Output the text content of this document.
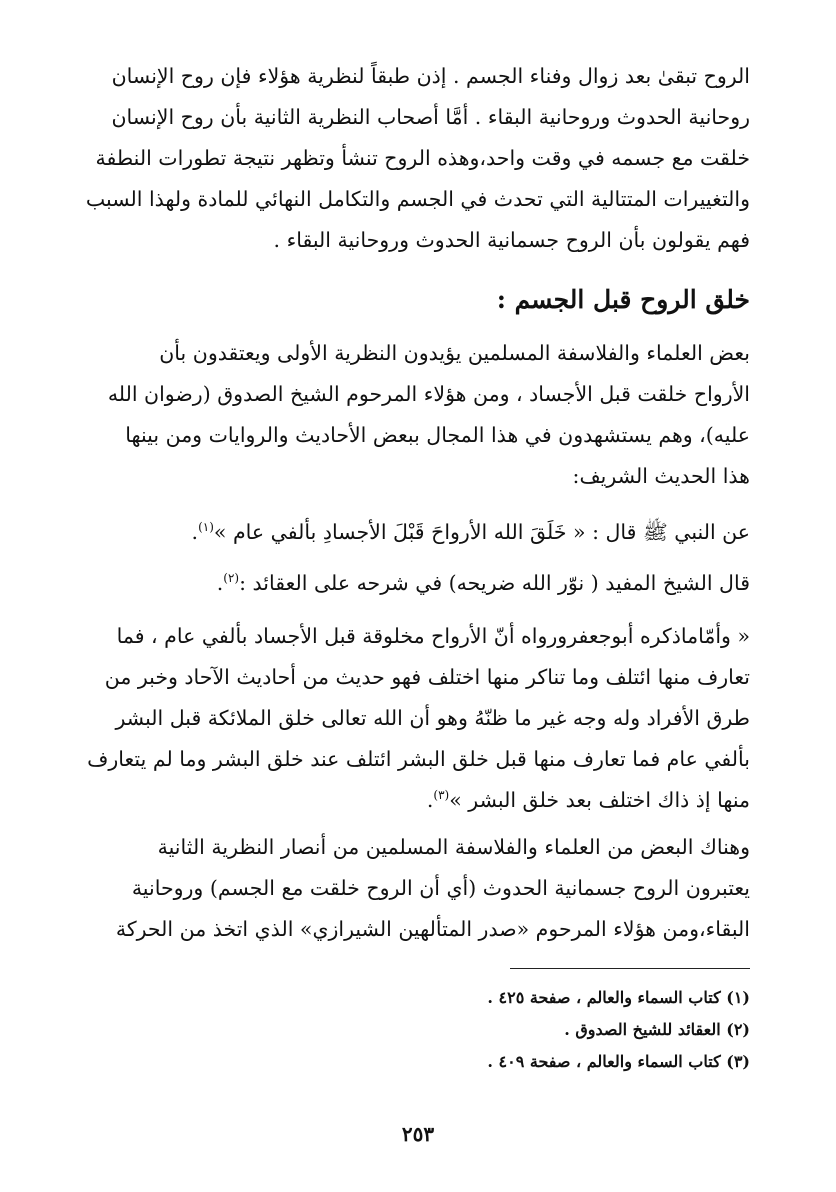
الروح تبقىٰ بعد زوال وفناء الجسم . إذن طبقاً لنظرية هؤلاء فإن روح الإنسان
روحانية الحدوث وروحانية البقاء . أمَّا أصحاب النظرية الثانية بأن روح الإنسان
خلقت مع جسمه في وقت واحد،وهذه الروح تنشأ وتظهر نتيجة تطورات النطفة
والتغييرات المتتالية التي تحدث في الجسم والتكامل النهائي للمادة ولهذا السبب
فهم يقولون بأن الروح جسمانية الحدوث وروحانية البقاء .
خلق الروح قبل الجسم :
بعض العلماء والفلاسفة المسلمين يؤيدون النظرية الأولى ويعتقدون بأن
الأرواح خلقت قبل الأجساد ، ومن هؤلاء المرحوم الشيخ الصدوق (رضوان الله
عليه)، وهم يستشهدون في هذا المجال ببعض الأحاديث والروايات ومن بينها
هذا الحديث الشريف:
عن النبي ﷺ قال : « خَلَقَ الله الأرواحَ قَبْلَ الأجسادِ بألفي عام »$^{(١)}$.
قال الشيخ المفيد ( نوّر الله ضريحه) في شرحه على العقائد :$^{(٢)}$.
« وأمّاماذكره أبوجعفرورواه أنّ الأرواح مخلوقة قبل الأجساد بألفي عام ، فما
تعارف منها ائتلف وما تناكر منها اختلف فهو حديث من أحاديث الآحاد وخبر من
طرق الأفراد وله وجه غير ما ظنّهُ وهو أن الله تعالى خلق الملائكة قبل البشر
بألفي عام فما تعارف منها قبل خلق البشر ائتلف عند خلق البشر وما لم يتعارف
منها إذ ذاك اختلف بعد خلق البشر »$^{(٣)}$.
وهناك البعض من العلماء والفلاسفة المسلمين من أنصار النظرية الثانية
يعتبرون الروح جسمانية الحدوث (أي أن الروح خلقت مع الجسم) وروحانية
البقاء،ومن هؤلاء المرحوم «صدر المتألهين الشيرازي» الذي اتخذ من الحركة
(١) كتاب السماء والعالم ، صفحة ٤٢٥ .
(٢) العقائد للشيخ الصدوق .
(٣) كتاب السماء والعالم ، صفحة ٤٠٩ .
٢٥٣
